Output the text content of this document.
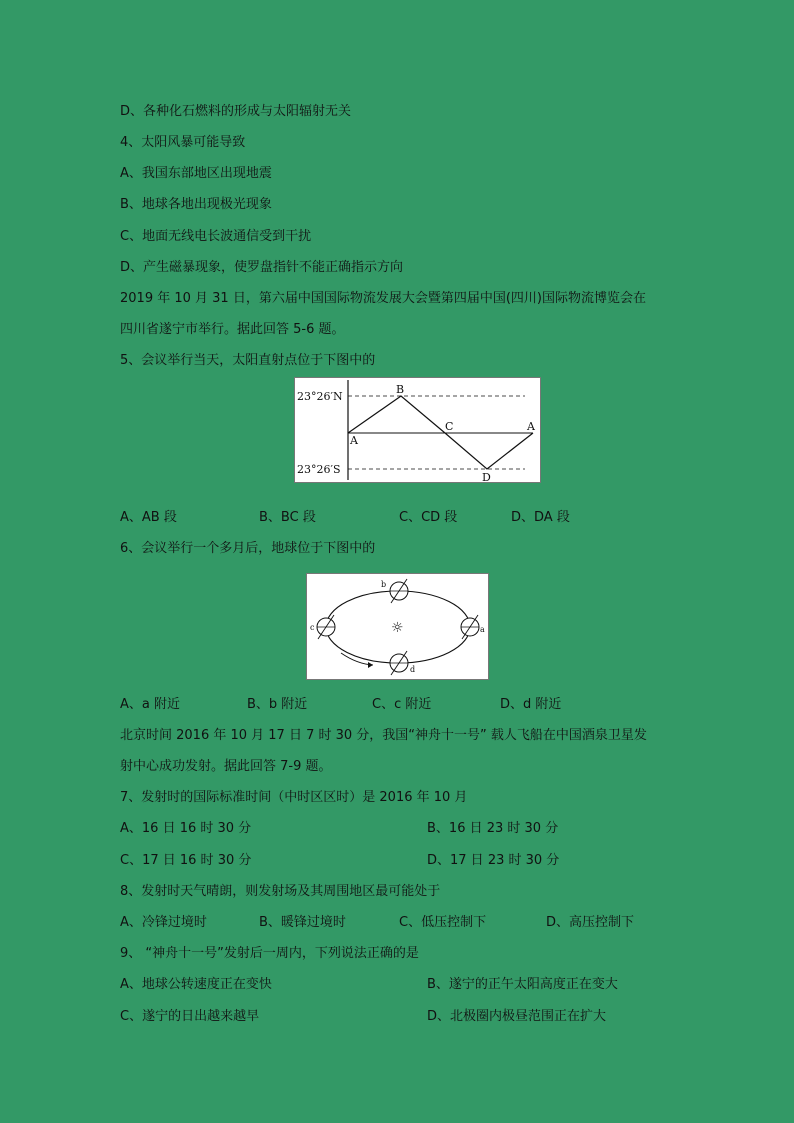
D、各种化石燃料的形成与太阳辐射无关
4、太阳风暴可能导致
A、我国东部地区出现地震
B、地球各地出现极光现象
C、地面无线电长波通信受到干扰
D、产生磁暴现象，使罗盘指针不能正确指示方向
2019 年 10 月 31 日，第六届中国国际物流发展大会暨第四届中国(四川)国际物流博览会在
四川省遂宁市举行。据此回答 5-6 题。
5、会议举行当天，太阳直射点位于下图中的
23°26′N
23°26′S
A
B
C
D
A
A、AB 段	B、BC 段	C、CD 段	D、DA 段
6、会议举行一个多月后，地球位于下图中的
☼
b
a
c
d
A、a 附近	B、b 附近	C、c 附近	D、d 附近
北京时间 2016 年 10 月 17 日 7 时 30 分，我国“神舟十一号” 载人飞船在中国酒泉卫星发
射中心成功发射。据此回答 7-9 题。
7、发射时的国际标准时间（中时区区时）是 2016 年 10 月
A、16 日 16 时 30 分	B、16 日 23 时 30 分
C、17 日 16 时 30 分	D、17 日 23 时 30 分
8、发射时天气晴朗，则发射场及其周围地区最可能处于
A、冷锋过境时	B、暖锋过境时	C、低压控制下	D、高压控制下
9、 “神舟十一号”发射后一周内，下列说法正确的是
A、地球公转速度正在变快	B、遂宁的正午太阳高度正在变大
C、遂宁的日出越来越早	D、北极圈内极昼范围正在扩大
